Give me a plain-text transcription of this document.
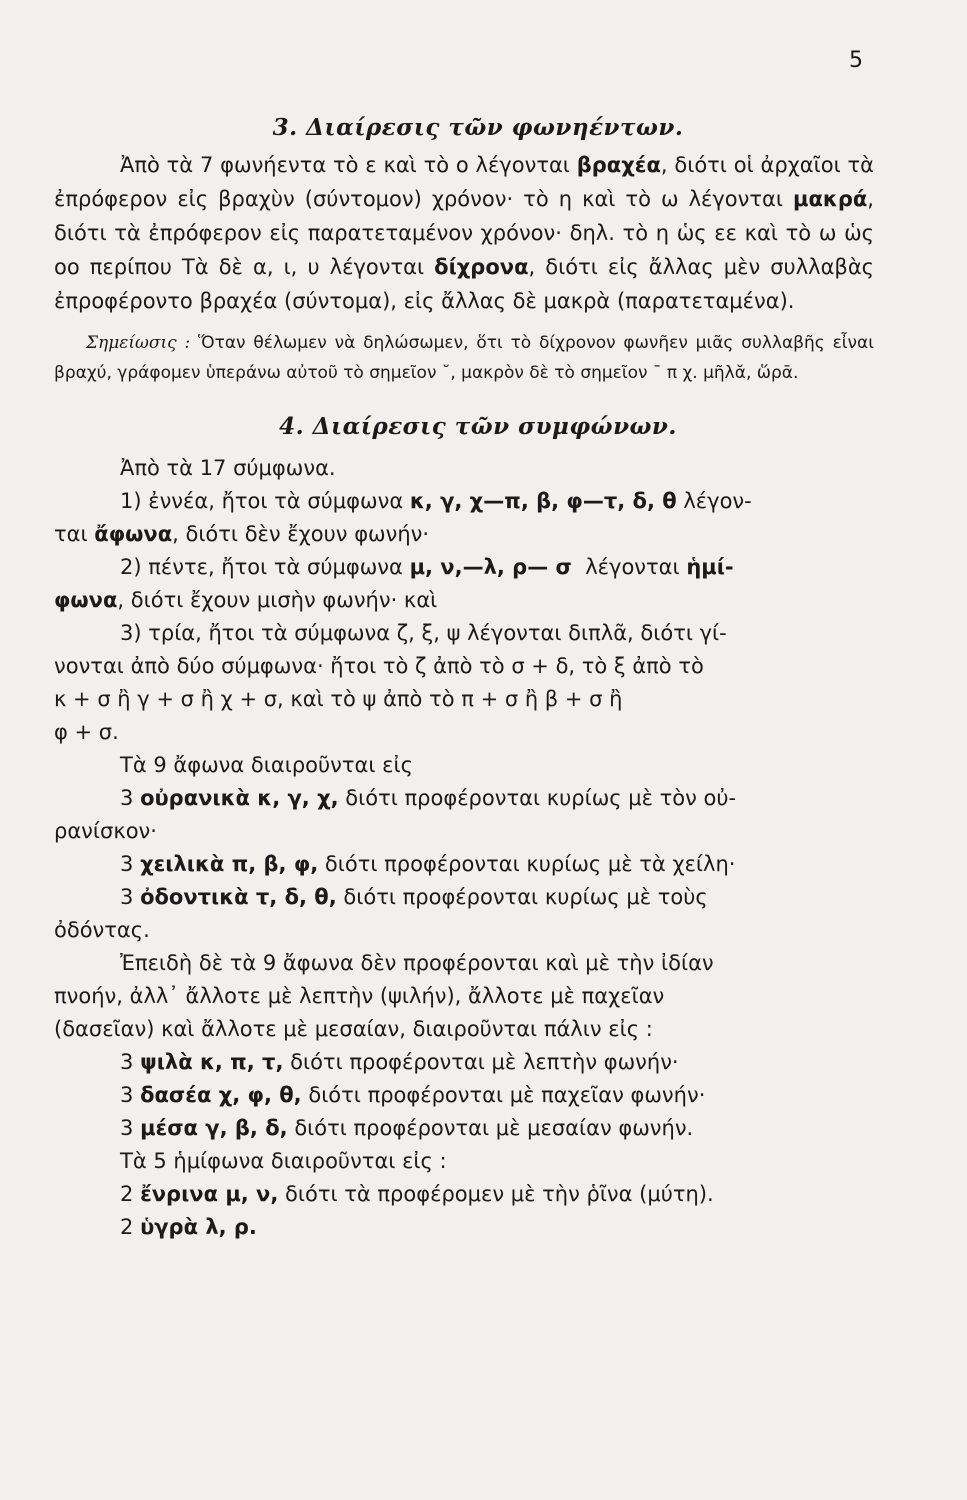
5
3. Διαίρεσις τῶν φωνηέντων.

Ἀπὸ τὰ 7 φωνήεντα τὸ ε καὶ τὸ ο λέγονται βραχέα, διότι οἱ ἀρχαῖοι τὰ ἐπρόφερον εἰς βραχὺν (σύντομον) χρόνον· τὸ η καὶ τὸ ω λέγονται μακρά, διότι τὰ ἐπρόφερον εἰς παρατεταμένον χρόνον· δηλ. τὸ η ὡς εε καὶ τὸ ω ὡς οο περίπου Τὰ δὲ α, ι, υ λέγονται δίχρονα, διότι εἰς ἄλλας μὲν συλλαβὰς ἐπροφέροντο βραχέα (σύντομα), εἰς ἄλλας δὲ μακρὰ (παρατεταμένα).

Σημείωσις : Ὅταν θέλωμεν νὰ δηλώσωμεν, ὅτι τὸ δίχρονον φωνῆεν μιᾶς συλλαβῆς εἶναι βραχύ, γράφομεν ὑπεράνω αὐτοῦ τὸ σημεῖον ˘, μακρὸν δὲ τὸ σημεῖον ¯ π χ. μῆλᾰ, ὥρᾱ.

4. Διαίρεσις τῶν συμφώνων.

Ἀπὸ τὰ 17 σύμφωνα.

1) ἐννέα, ἤτοι τὰ σύμφωνα κ, γ, χ—π, β, φ—τ, δ, θ λέγον-

ται ἄφωνα, διότι δὲν ἔχουν φωνήν·

2) πέντε, ἤτοι τὰ σύμφωνα μ, ν,—λ, ρ— σ λέγονται ἡμί-

φωνα, διότι ἔχουν μισὴν φωνήν· καὶ

3) τρία, ἤτοι τὰ σύμφωνα ζ, ξ, ψ λέγονται διπλᾶ, διότι γί-

νονται ἀπὸ δύο σύμφωνα· ἤτοι τὸ ζ ἀπὸ τὸ σ + δ, τὸ ξ ἀπὸ τὸ

κ + σ ἢ γ + σ ἢ χ + σ, καὶ τὸ ψ ἀπὸ τὸ π + σ ἢ β + σ ἢ

φ + σ.

Τὰ 9 ἄφωνα διαιροῦνται εἰς

3 οὐρανικὰ κ, γ, χ, διότι προφέρονται κυρίως μὲ τὸν οὐ-

ρανίσκον·

3 χειλικὰ π, β, φ, διότι προφέρονται κυρίως μὲ τὰ χείλη·

3 ὀδοντικὰ τ, δ, θ, διότι προφέρονται κυρίως μὲ τοὺς

ὀδόντας.

Ἐπειδὴ δὲ τὰ 9 ἄφωνα δὲν προφέρονται καὶ μὲ τὴν ἰδίαν

πνοήν, ἀλλ᾽ ἄλλοτε μὲ λεπτὴν (ψιλήν), ἄλλοτε μὲ παχεῖαν

(δασεῖαν) καὶ ἄλλοτε μὲ μεσαίαν, διαιροῦνται πάλιν εἰς :

3 ψιλὰ κ, π, τ, διότι προφέρονται μὲ λεπτὴν φωνήν·

3 δασέα χ, φ, θ, διότι προφέρονται μὲ παχεῖαν φωνήν·

3 μέσα γ, β, δ, διότι προφέρονται μὲ μεσαίαν φωνήν.

Τὰ 5 ἡμίφωνα διαιροῦνται εἰς :

2 ἔνρινα μ, ν, διότι τὰ προφέρομεν μὲ τὴν ῥῖνα (μύτη).

2 ὑγρὰ λ, ρ.
